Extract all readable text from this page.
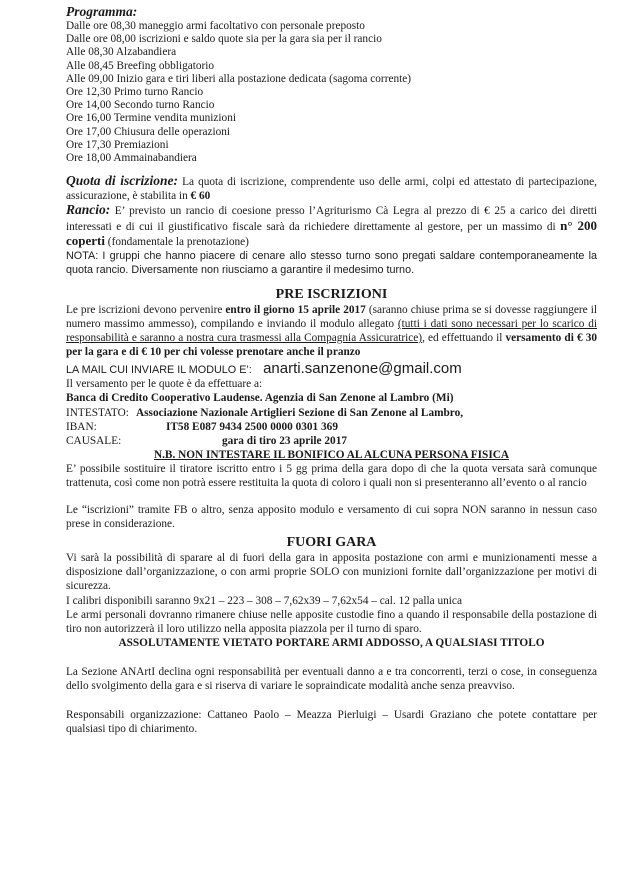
Programma:
Dalle ore 08,30 maneggio armi facoltativo con personale preposto
Dalle ore 08,00 iscrizioni e saldo quote sia per la gara sia per il rancio
Alle 08,30 Alzabandiera
Alle 08,45 Breefing obbligatorio
Alle 09,00 Inizio gara e tiri liberi alla postazione dedicata (sagoma corrente)
Ore 12,30 Primo turno Rancio
Ore 14,00 Secondo turno Rancio
Ore 16,00 Termine vendita munizioni
Ore 17,00 Chiusura delle operazioni
Ore 17,30 Premiazioni
Ore 18,00 Ammainabandiera

Quota di iscrizione: La quota di iscrizione, comprendente uso delle armi, colpi ed attestato di partecipazione, assicurazione, è stabilita in € 60

Rancio: E’ previsto un rancio di coesione presso l’Agriturismo Cà Legra al prezzo di € 25 a carico dei diretti interessati e di cui il giustificativo fiscale sarà da richiedere direttamente al gestore, per un massimo di n° 200 coperti (fondamentale la prenotazione)

NOTA: I gruppi che hanno piacere di cenare allo stesso turno sono pregati saldare contemporaneamente la quota rancio. Diversamente non riusciamo a garantire il medesimo turno.

PRE ISCRIZIONI

Le pre iscrizioni devono pervenire entro il giorno 15 aprile 2017 (saranno chiuse prima se si dovesse raggiungere il numero massimo ammesso), compilando e inviando il modulo allegato (tutti i dati sono necessari per lo scarico di responsabilità e saranno a nostra cura trasmessi alla Compagnia Assicuratrice), ed effettuando il versamento di € 30 per la gara e di € 10 per chi volesse prenotare anche il pranzo

LA MAIL CUI INVIARE IL MODULO E’: anarti.sanzenone@gmail.com

Il versamento per le quote è da effettuare a:

Banca di Credito Cooperativo Laudense. Agenzia di San Zenone al Lambro (Mi)

INTESTATO: Associazione Nazionale Artiglieri Sezione di San Zenone al Lambro,

IBAN:	IT58 E087 9434 2500 0000 0301 369

CAUSALE:	gara di tiro 23 aprile 2017

N.B. NON INTESTARE IL BONIFICO AL ALCUNA PERSONA FISICA

E’ possibile sostituire il tiratore iscritto entro i 5 gg prima della gara dopo di che la quota versata sarà comunque trattenuta, così come non potrà essere restituita la quota di coloro i quali non si presenteranno all’evento o al rancio

Le “iscrizioni” tramite FB o altro, senza apposito modulo e versamento di cui sopra NON saranno in nessun caso prese in considerazione.

FUORI GARA

Vi sarà la possibilità di sparare al di fuori della gara in apposita postazione con armi e munizionamenti messe a disposizione dall’organizzazione, o con armi proprie SOLO con munizioni fornite dall’organizzazione per motivi di sicurezza.

I calibri disponibili saranno 9x21 – 223 – 308 – 7,62x39 – 7,62x54 – cal. 12 palla unica

Le armi personali dovranno rimanere chiuse nelle apposite custodie fino a quando il responsabile della postazione di tiro non autorizzerà il loro utilizzo nella apposita piazzola per il turno di sparo.

ASSOLUTAMENTE VIETATO PORTARE ARMI ADDOSSO, A QUALSIASI TITOLO

La Sezione ANArtI declina ogni responsabilità per eventuali danno a e tra concorrenti, terzi o cose, in conseguenza dello svolgimento della gara e si riserva di variare le sopraindicate modalità anche senza preavviso.

Responsabili organizzazione: Cattaneo Paolo – Meazza Pierluigi – Usardi Graziano che potete contattare per qualsiasi tipo di chiarimento.
